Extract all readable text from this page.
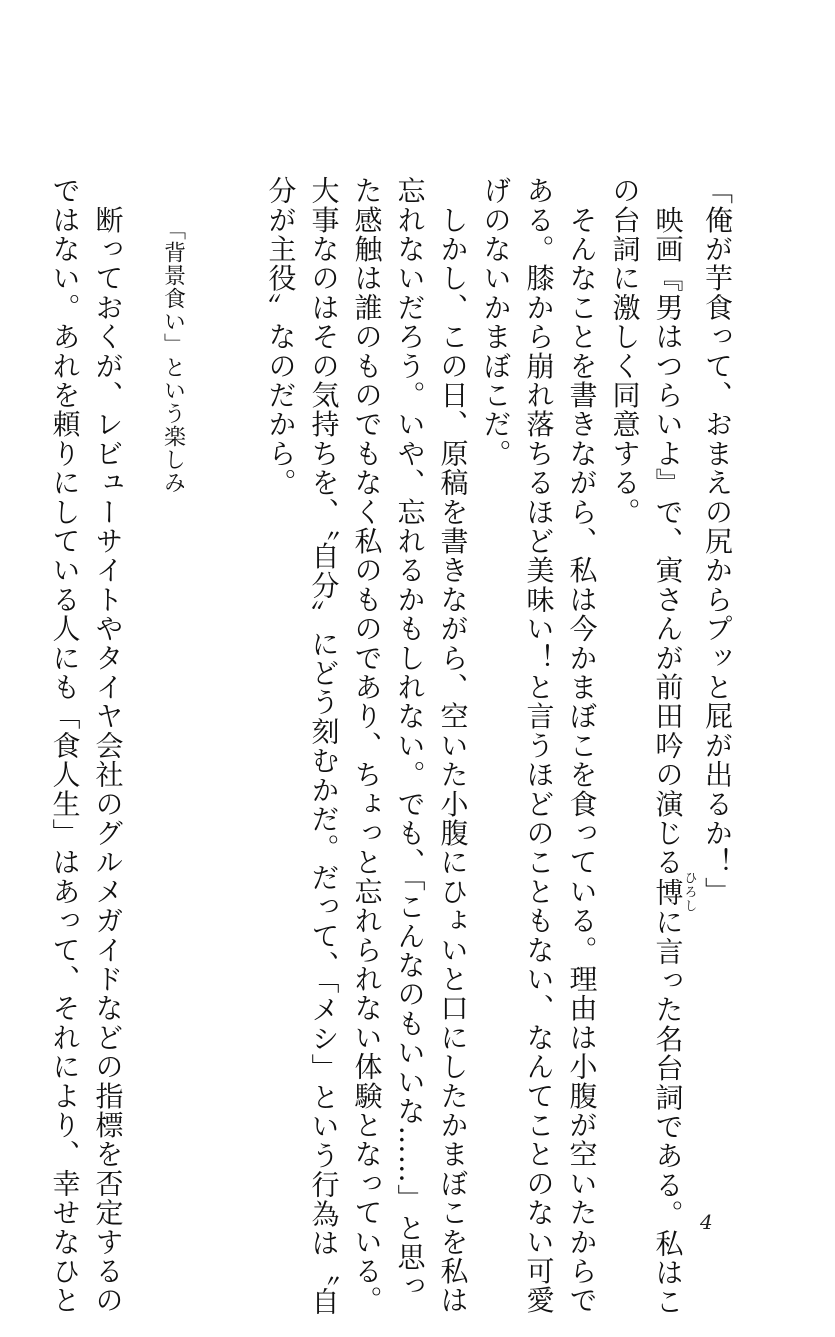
「俺が芋食って、おまえの尻からプッと屁が出るか！」

　映画『男はつらいよ』で、寅さんが前田吟の演じる博ひろしに言った名台詞である。私はこ

の台詞に激しく同意する。

　そんなことを書きながら、私は今かまぼこを食っている。理由は小腹が空いたからで

ある。膝から崩れ落ちるほど美味い！と言うほどのこともない、なんてことのない可愛

げのないかまぼこだ。

　しかし、この日、原稿を書きながら、空いた小腹にひょいと口にしたかまぼこを私は

忘れないだろう。いや、忘れるかもしれない。でも、「こんなのもいいな……」と思っ

た感触は誰のものでもなく私のものであり、ちょっと忘れられない体験となっている。

大事なのはその気持ちを、〝自分〟にどう刻むかだ。だって、「メシ」という行為は〝自

分が主役〟なのだから。

「背景食い」という楽しみ

　断っておくが、レビューサイトやタイヤ会社のグルメガイドなどの指標を否定するの

ではない。あれを頼りにしている人にも「食人生」はあって、それにより、幸せなひと	4
